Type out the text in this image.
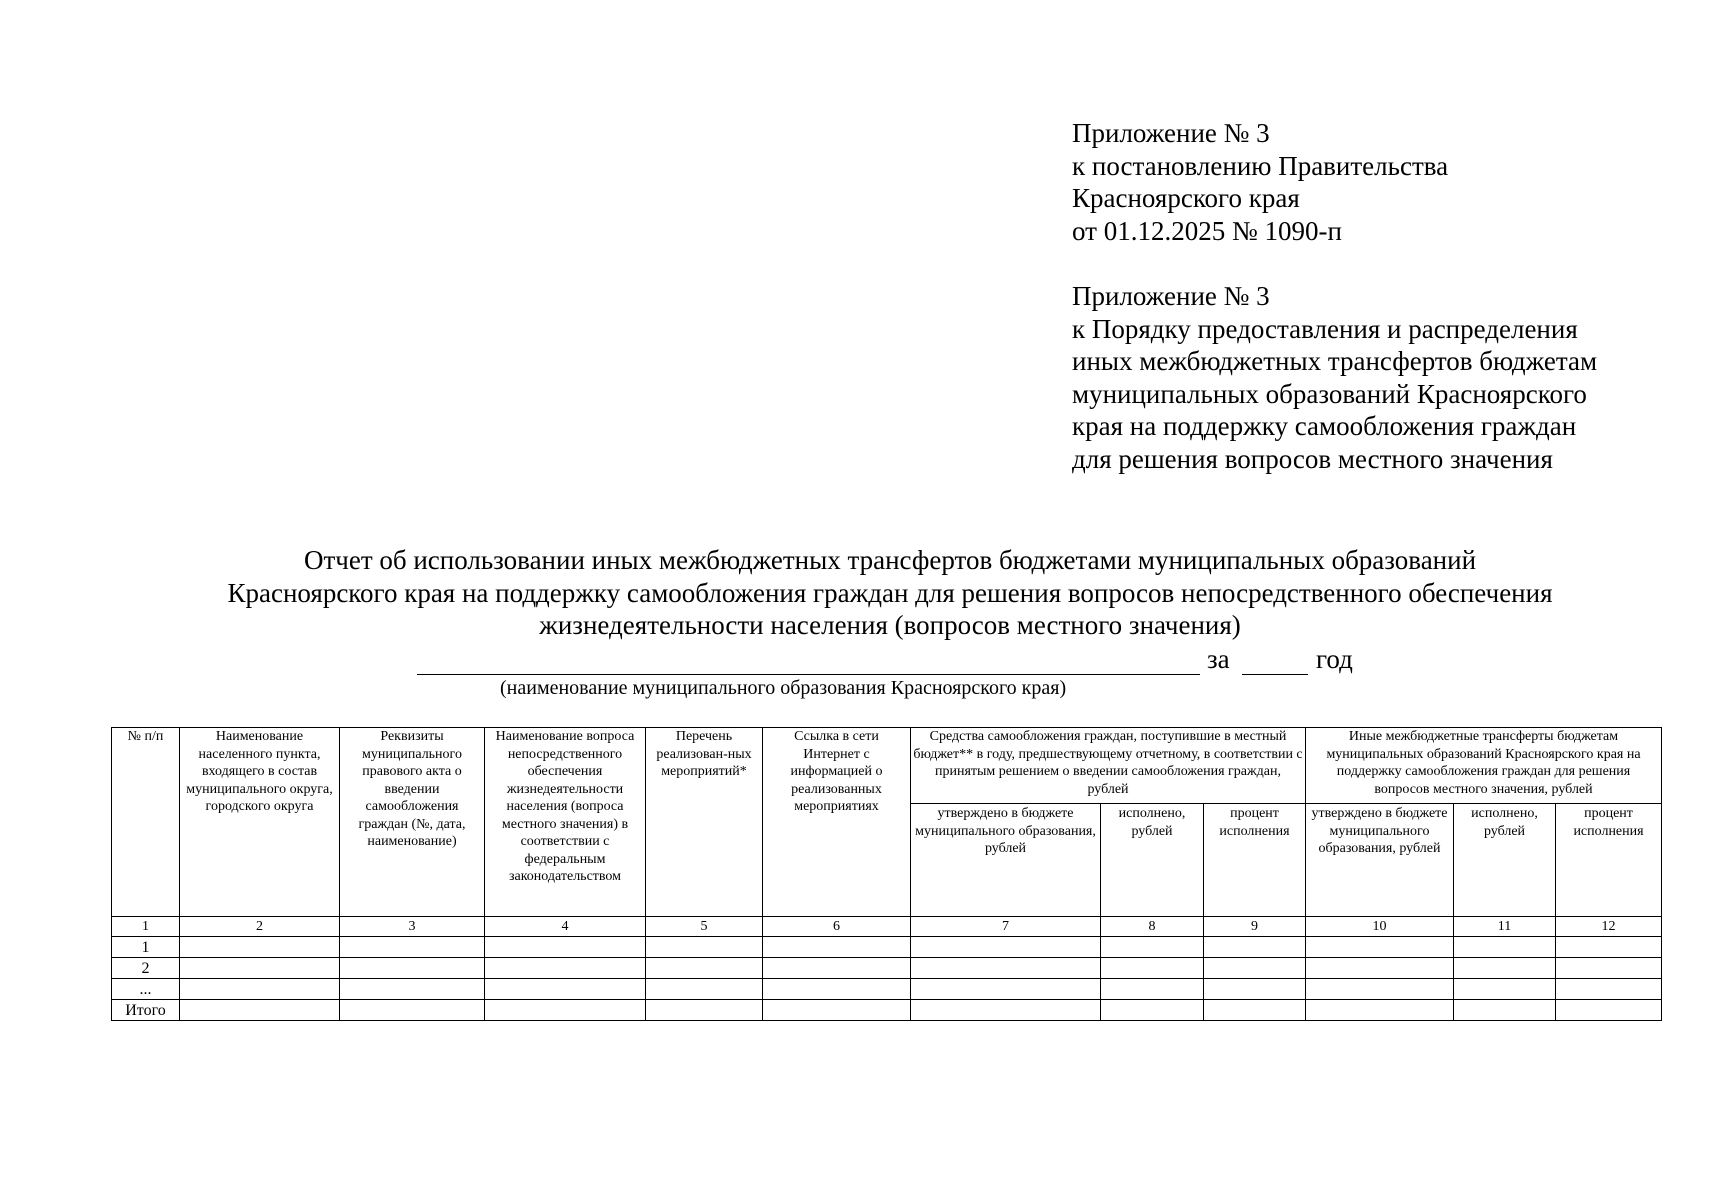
Приложение № 3
к постановлению Правительства
Красноярского края
от 01.12.2025 № 1090-п
Приложение № 3
к Порядку предоставления и распределения
иных межбюджетных трансфертов бюджетам
муниципальных образований Красноярского
края на поддержку самообложения граждан
для решения вопросов местного значения
Отчет об использовании иных межбюджетных трансфертов бюджетами муниципальных образований
Красноярского края на поддержку самообложения граждан для решения вопросов непосредственного обеспечения
жизнедеятельности населения (вопросов местного значения)
за	год
(наименование муниципального образования Красноярского края)
№ п/п	Наименование населенного пункта, входящего в состав муниципального округа, городского округа	Реквизиты муниципального правового акта о введении самообложения граждан (№, дата, наименование)	Наименование вопроса непосредственного обеспечения жизнедеятельности населения (вопроса местного значения) в соответствии с федеральным законодательством	Перечень реализован-ных мероприятий*	Ссылка в сети Интернет с информацией о реализованных мероприятиях	Средства самообложения граждан, поступившие в местный бюджет** в году, предшествующему отчетному, в соответствии с принятым решением о введении самообложения граждан, рублей			Иные межбюджетные трансферты бюджетам муниципальных образований Красноярского края на поддержку самообложения граждан для решения вопросов местного значения, рублей		
						утверждено в бюджете муниципального образования, рублей	исполнено, рублей	процент исполнения	утверждено в бюджете муниципального образования, рублей	исполнено, рублей	процент исполнения
1	2	3	4	5	6	7	8	9	10	11	12
1											
2											
...											
Итого											
